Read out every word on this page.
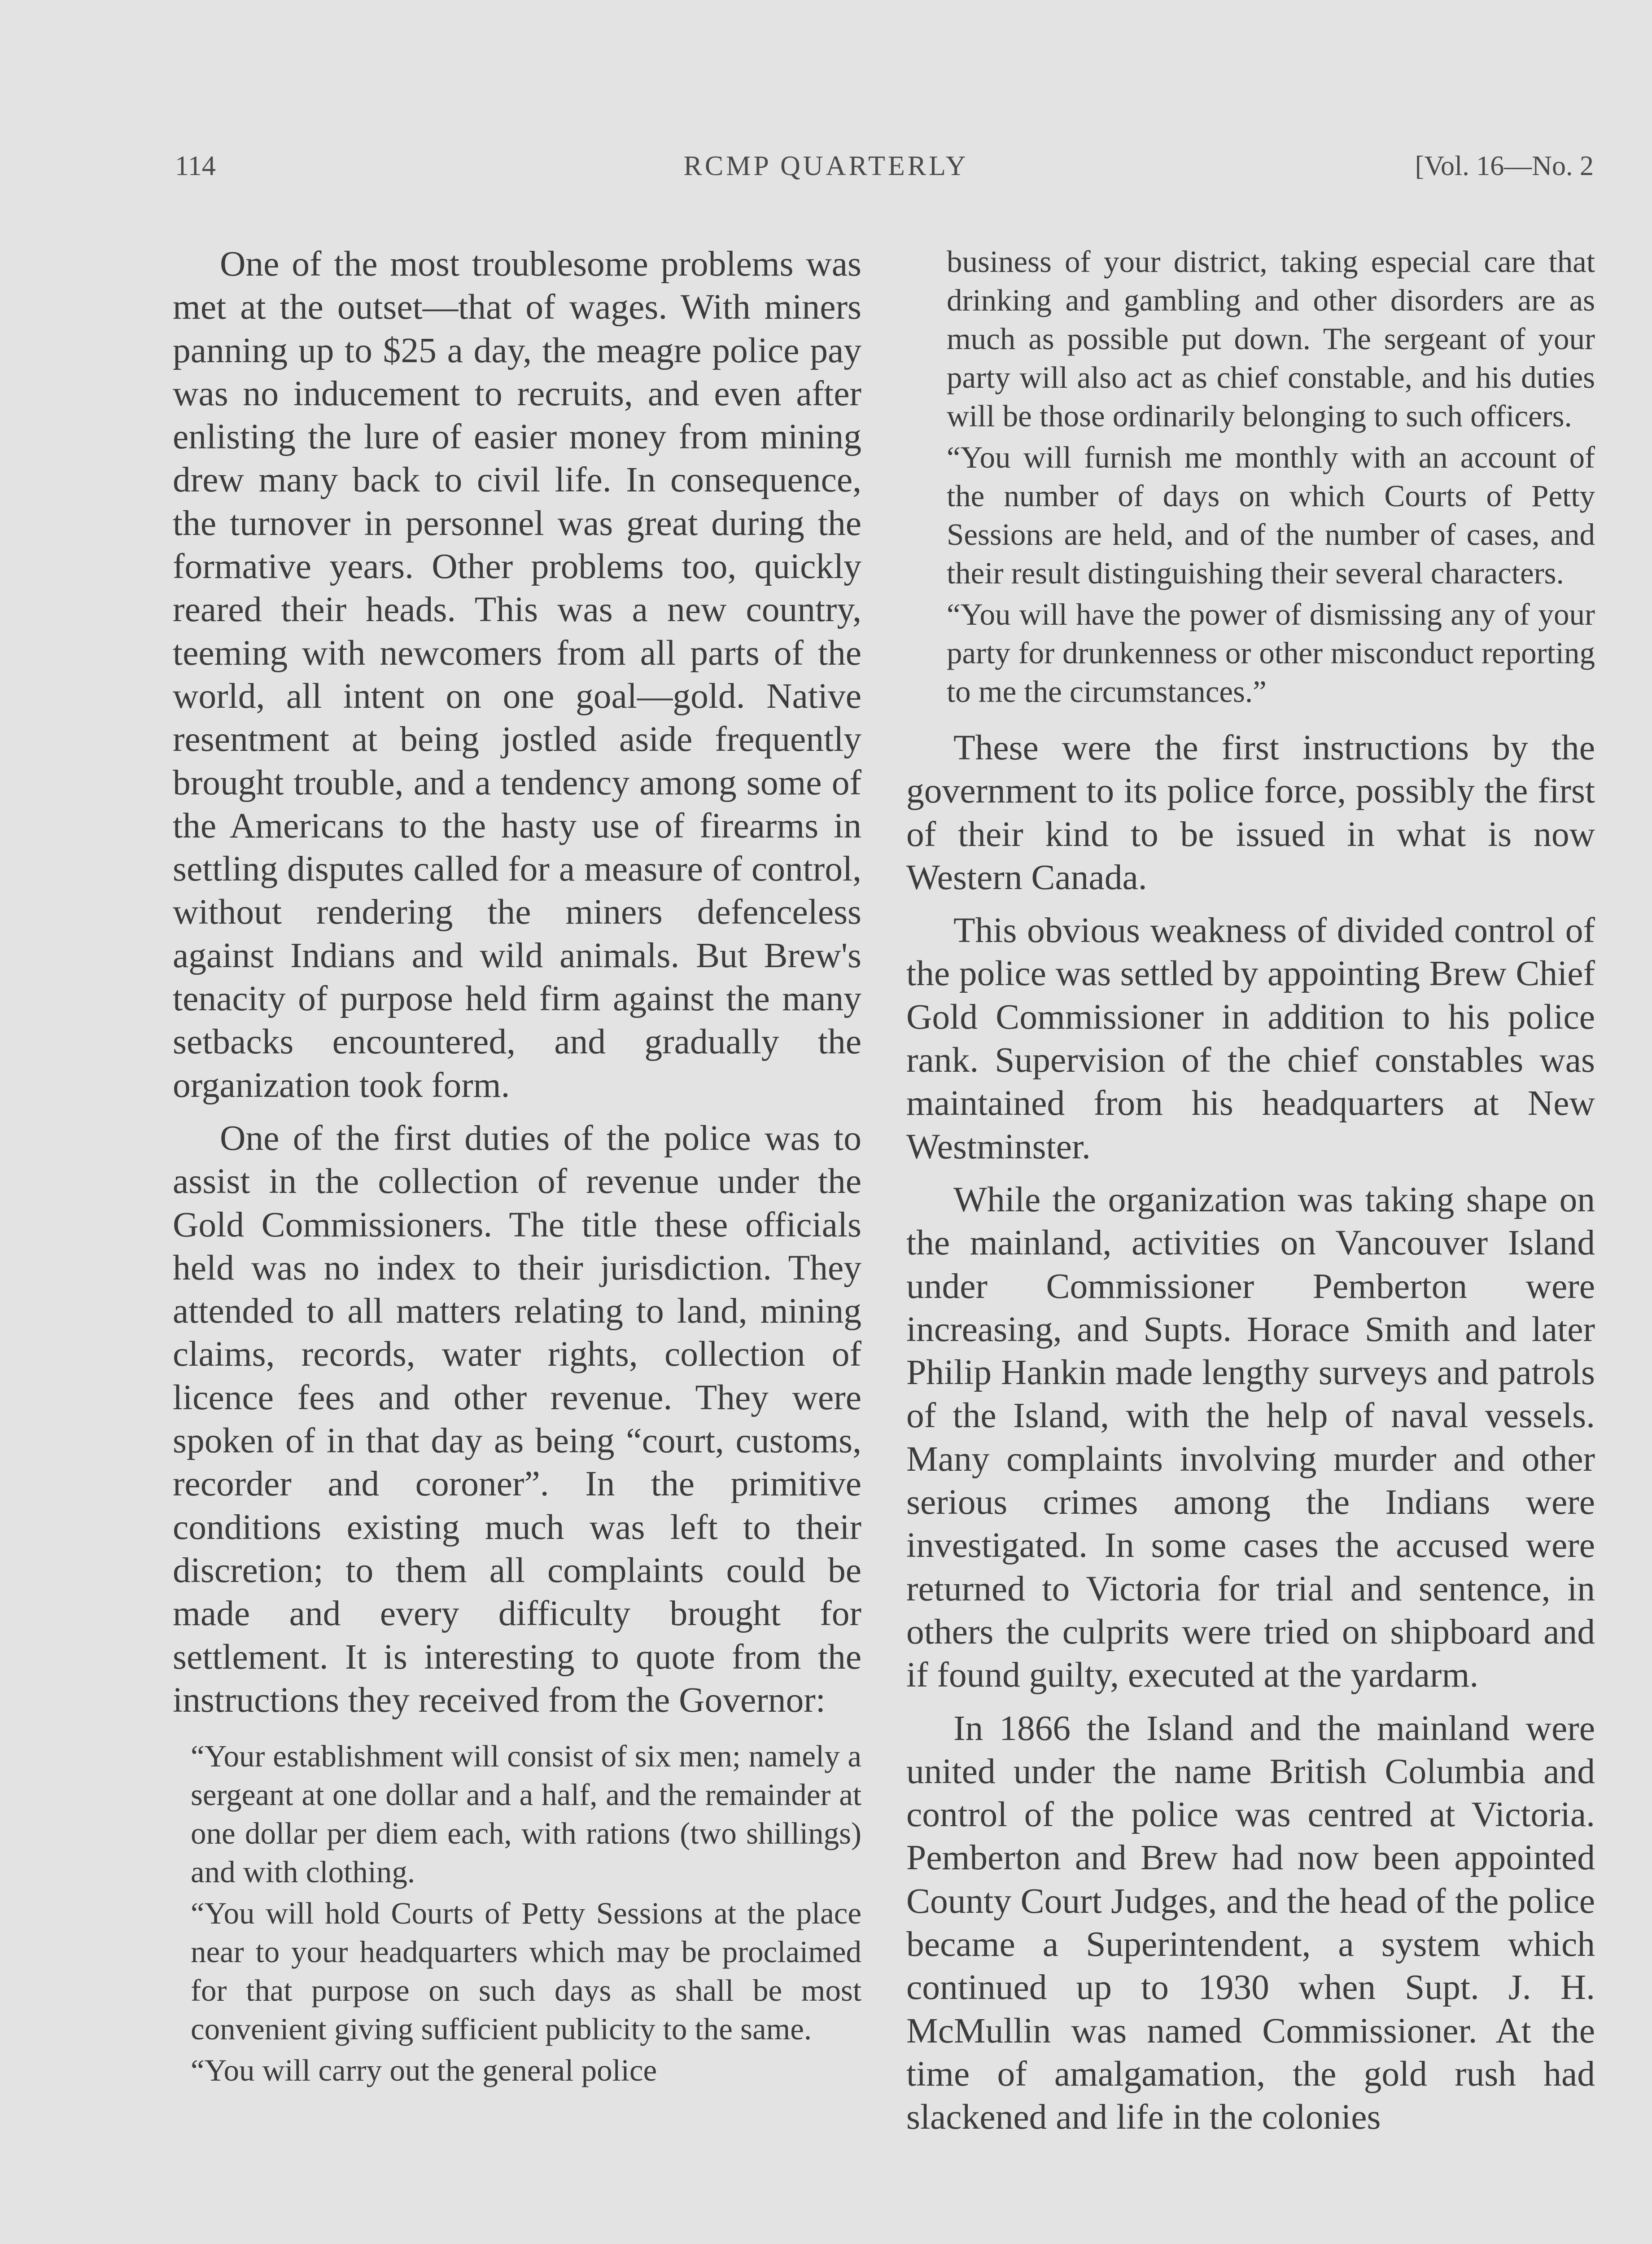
114	RCMP QUARTERLY	[Vol. 16—No. 2

One of the most troublesome problems was met at the outset—that of wages. With miners panning up to $25 a day, the meagre police pay was no inducement to recruits, and even after enlisting the lure of easier money from mining drew many back to civil life. In consequence, the turnover in personnel was great during the formative years. Other problems too, quickly reared their heads. This was a new country, teeming with newcomers from all parts of the world, all intent on one goal—gold. Native resentment at being jostled aside frequently brought trouble, and a tendency among some of the Americans to the hasty use of firearms in settling disputes called for a measure of control, without rendering the miners defenceless against Indians and wild animals. But Brew's tenacity of purpose held firm against the many setbacks encountered, and gradually the organization took form.

One of the first duties of the police was to assist in the collection of revenue under the Gold Commissioners. The title these officials held was no index to their jurisdiction. They attended to all matters relating to land, mining claims, records, water rights, collection of licence fees and other revenue. They were spoken of in that day as being “court, customs, recorder and coroner”. In the primitive conditions existing much was left to their discretion; to them all complaints could be made and every difficulty brought for settlement. It is interesting to quote from the instructions they received from the Governor:

“Your establishment will consist of six men; namely a sergeant at one dollar and a half, and the remainder at one dollar per diem each, with rations (two shillings) and with clothing.

“You will hold Courts of Petty Sessions at the place near to your headquarters which may be proclaimed for that purpose on such days as shall be most convenient giving sufficient publicity to the same.

“You will carry out the general police

business of your district, taking especial care that drinking and gambling and other disorders are as much as possible put down. The sergeant of your party will also act as chief constable, and his duties will be those ordinarily belonging to such officers.

“You will furnish me monthly with an account of the number of days on which Courts of Petty Sessions are held, and of the number of cases, and their result distinguishing their several characters.

“You will have the power of dismissing any of your party for drunkenness or other misconduct reporting to me the circumstances.”

These were the first instructions by the government to its police force, possibly the first of their kind to be issued in what is now Western Canada.

This obvious weakness of divided control of the police was settled by appointing Brew Chief Gold Commissioner in addition to his police rank. Supervision of the chief constables was maintained from his headquarters at New Westminster.

While the organization was taking shape on the mainland, activities on Vancouver Island under Commissioner Pemberton were increasing, and Supts. Horace Smith and later Philip Hankin made lengthy surveys and patrols of the Island, with the help of naval vessels. Many complaints involving murder and other serious crimes among the Indians were investigated. In some cases the accused were returned to Victoria for trial and sentence, in others the culprits were tried on shipboard and if found guilty, executed at the yardarm.

In 1866 the Island and the mainland were united under the name British Columbia and control of the police was centred at Victoria. Pemberton and Brew had now been appointed County Court Judges, and the head of the police became a Superintendent, a system which continued up to 1930 when Supt. J. H. McMullin was named Commissioner. At the time of amalgamation, the gold rush had slackened and life in the colonies
